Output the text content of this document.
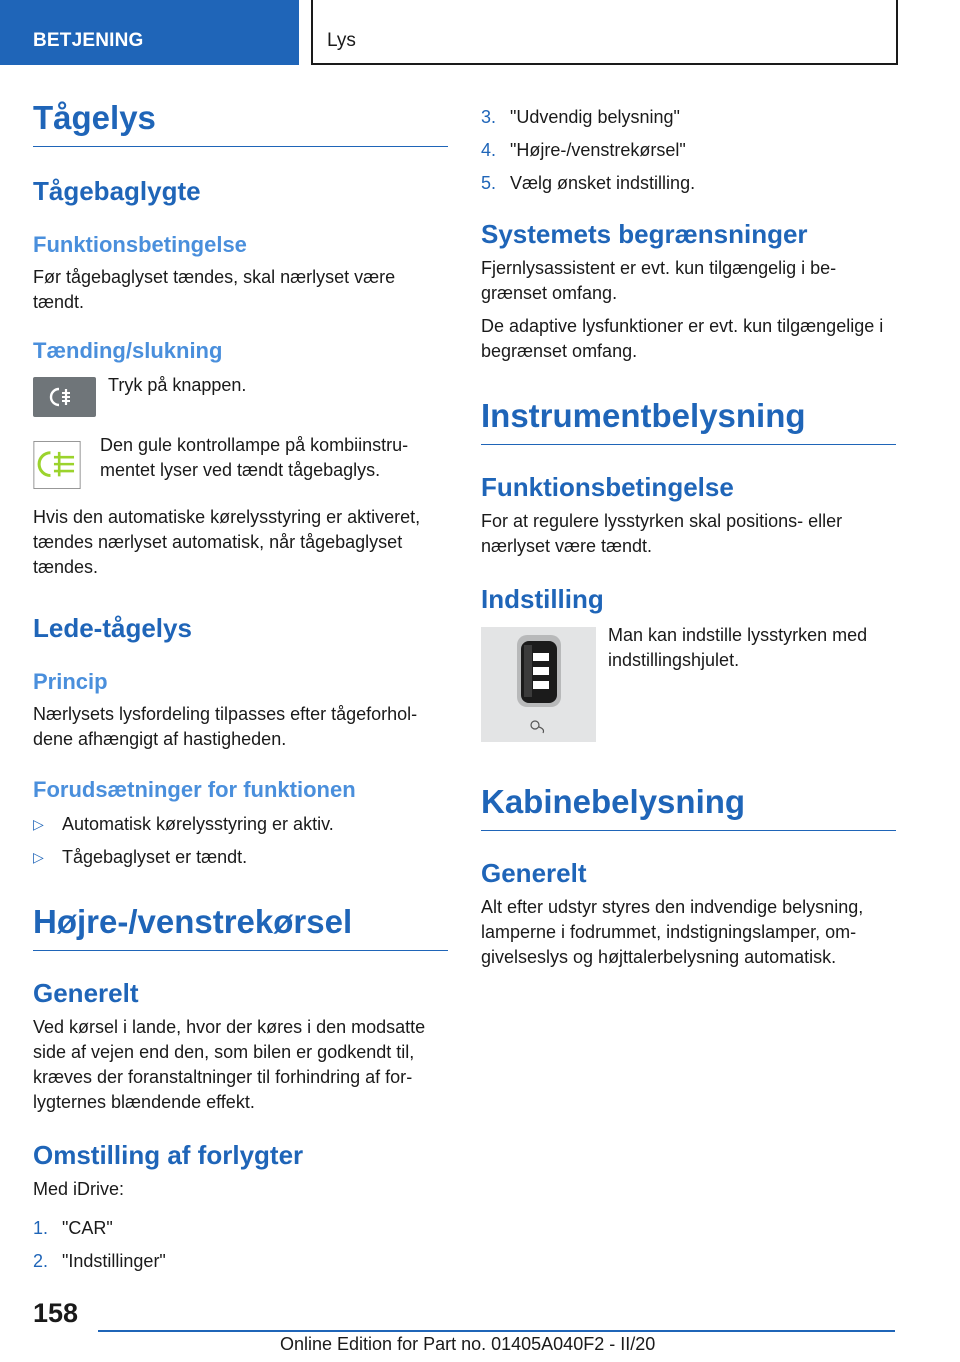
BETJENING	Lys
Tågelys
Tågebaglygte
Funktionsbetingelse

Før tågebaglyset tændes, skal nærlyset være tændt.

Tænding/slukning

Tryk på knappen.

Den gule kontrollampe på kombiinstrumentet lyser ved tændt tågebaglys.

Hvis den automatiske kørelysstyring er aktiveret, tændes nærlyset automatisk, når tågebaglyset tændes.

Lede-tågelys
Princip

Nærlysets lysfordeling tilpasses efter tågeforholdene afhængigt af hastigheden.

Forudsætninger for funktionen
▷	Automatisk kørelysstyring er aktiv.
▷	Tågebaglyset er tændt.
Højre-/venstrekørsel
Generelt

Ved kørsel i lande, hvor der køres i den modsatte side af vejen end den, som bilen er godkendt til, kræves der foranstaltninger til forhindring af forlygternes blændende effekt.

Omstilling af forlygter

Med iDrive:

1. "CAR"
2. "Indstillinger"
3. "Udvendig belysning"
4. "Højre-/venstrekørsel"
5. Vælg ønsket indstilling.
Systemets begrænsninger

Fjernlysassistent er evt. kun tilgængelig i begrænset omfang.

De adaptive lysfunktioner er evt. kun tilgængelige i begrænset omfang.

Instrumentbelysning
Funktionsbetingelse

For at regulere lysstyrken skal positions- eller nærlyset være tændt.

Indstilling

Man kan indstille lysstyrken med indstillingshjulet.

Kabinebelysning
Generelt

Alt efter udstyr styres den indvendige belysning, lamperne i fodrummet, indstigningslamper, omgivelseslys og højttalerbelysning automatisk.

158
Online Edition for Part no. 01405A040F2 - II/20
